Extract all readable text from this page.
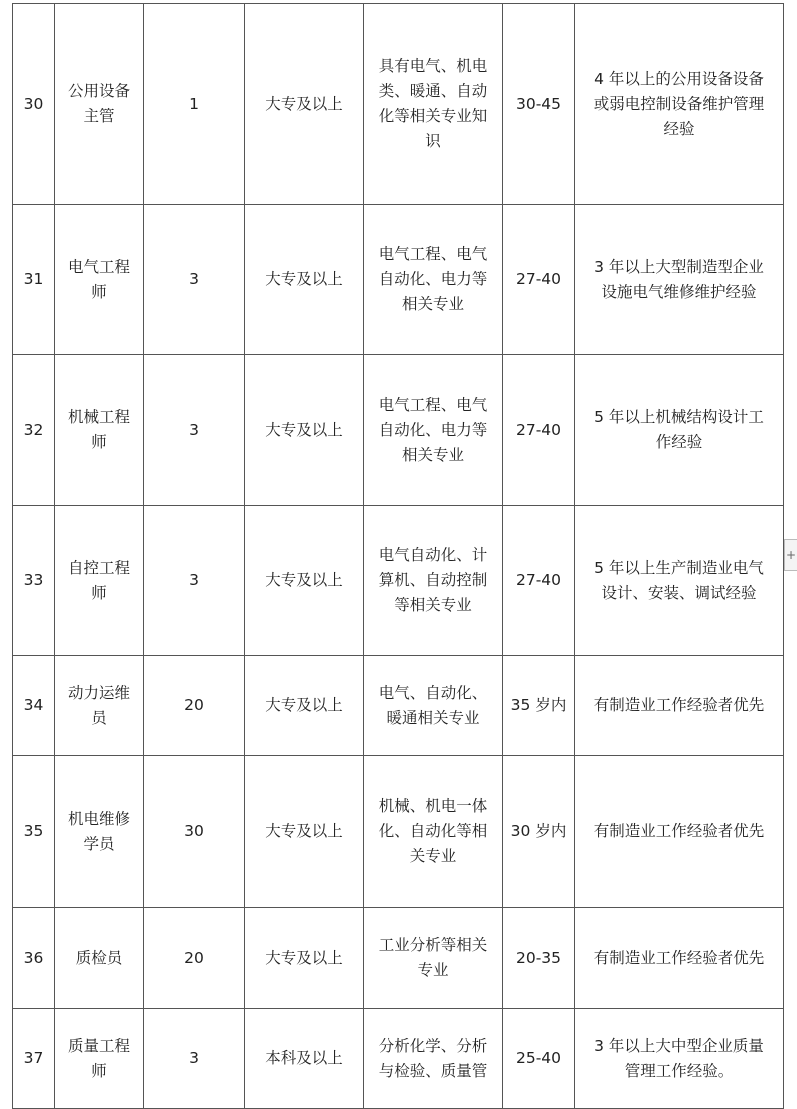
30	公用设备
主管	1	大专及以上	具有电气、机电
类、暖通、自动
化等相关专业知
识	30-45	4 年以上的公用设备设备
或弱电控制设备维护管理
经验

31	电气工程
师	3	大专及以上	电气工程、电气
自动化、电力等
相关专业	27-40	3 年以上大型制造型企业
设施电气维修维护经验

32	机械工程
师	3	大专及以上	电气工程、电气
自动化、电力等
相关专业	27-40	5 年以上机械结构设计工
作经验

33	自控工程
师	3	大专及以上	电气自动化、计
算机、自动控制
等相关专业	27-40	5 年以上生产制造业电气
设计、安装、调试经验

34	动力运维
员	20	大专及以上	电气、自动化、
暖通相关专业	35 岁内	有制造业工作经验者优先

35	机电维修
学员	30	大专及以上	机械、机电一体
化、自动化等相
关专业	30 岁内	有制造业工作经验者优先

36	质检员	20	大专及以上	工业分析等相关
专业	20-35	有制造业工作经验者优先

37	质量工程
师	3	本科及以上	分析化学、分析
与检验、质量管	25-40	3 年以上大中型企业质量
管理工作经验。
+
